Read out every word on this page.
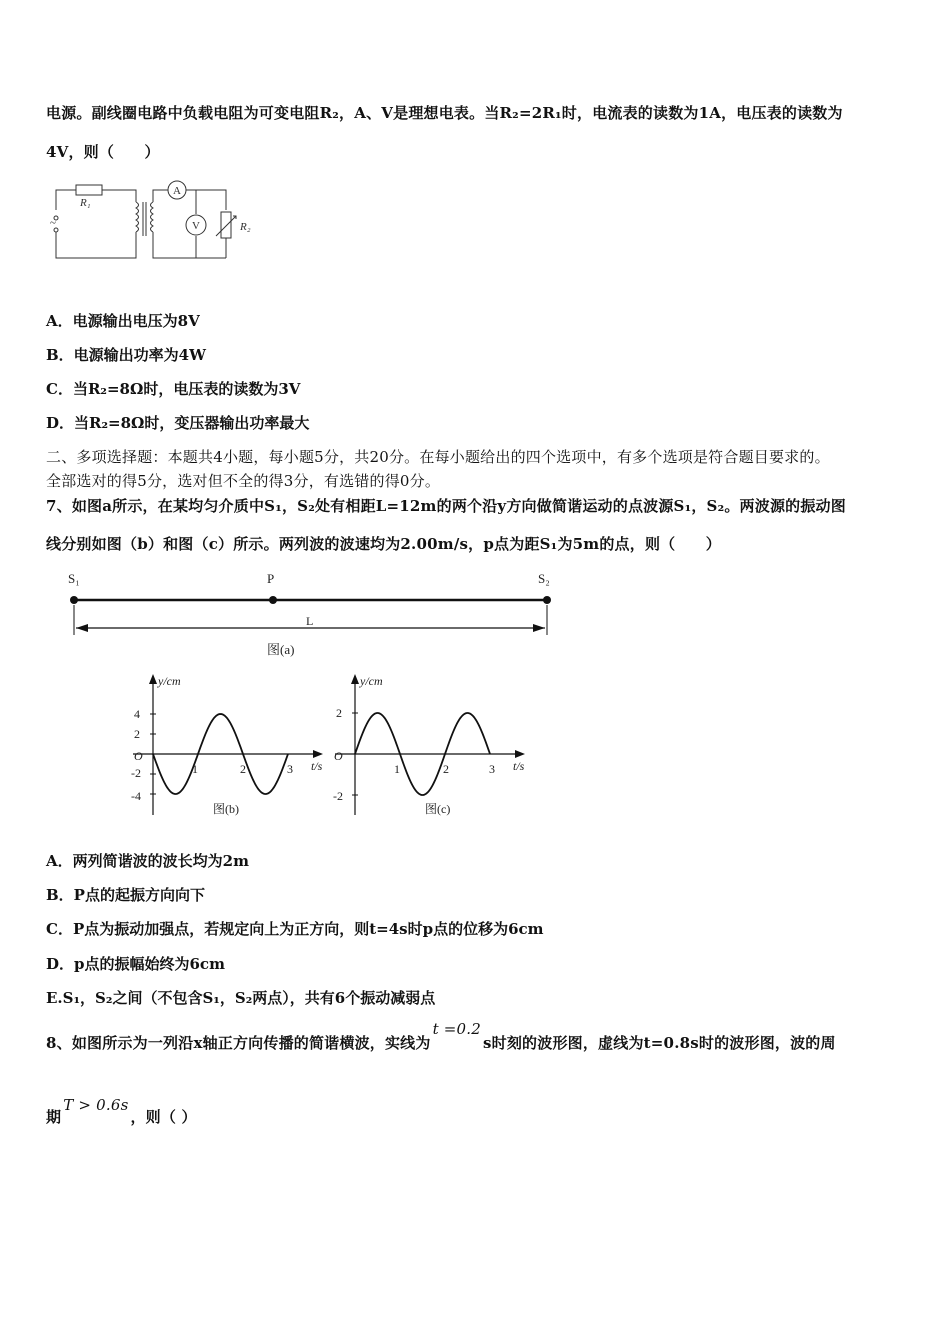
电源。副线圈电路中负载电阻为可变电阻R₂，A、V是理想电表。当R₂=2R₁时，电流表的读数为1A，电压表的读数为
4V，则（　　）
~
R₁
A
V	R₂
A．电源输出电压为8V
B．电源输出功率为4W
C．当R₂=8Ω时，电压表的读数为3V
D．当R₂=8Ω时，变压器输出功率最大
二、多项选择题：本题共4小题，每小题5分，共20分。在每小题给出的四个选项中，有多个选项是符合题目要求的。
全部选对的得5分，选对但不全的得3分，有选错的得0分。
7、如图a所示，在某均匀介质中S₁，S₂处有相距L=12m的两个沿y方向做简谐运动的点波源S₁，S₂。两波源的振动图
线分别如图（b）和图（c）所示。两列波的波速均为2.00m/s，p点为距S₁为5m的点，则（　　）
S₁	P	S₂
L
图(a)
y/cm
t/s
O
4
2
-2
-4
1	2	3
图(b)
y/cm
t/s
O
2
-2
1	2	3
图(c)
A．两列简谐波的波长均为2m
B．P点的起振方向向下
C．P点为振动加强点，若规定向上为正方向，则t=4s时p点的位移为6cm
D．p点的振幅始终为6cm
E.S₁，S₂之间（不包含S₁，S₂两点），共有6个振动减弱点
8、如图所示为一列沿x轴正方向传播的简谐横波，实线为t =0.2s时刻的波形图，虚线为t=0.8s时的波形图，波的周
期T > 0.6s，则（ ）
